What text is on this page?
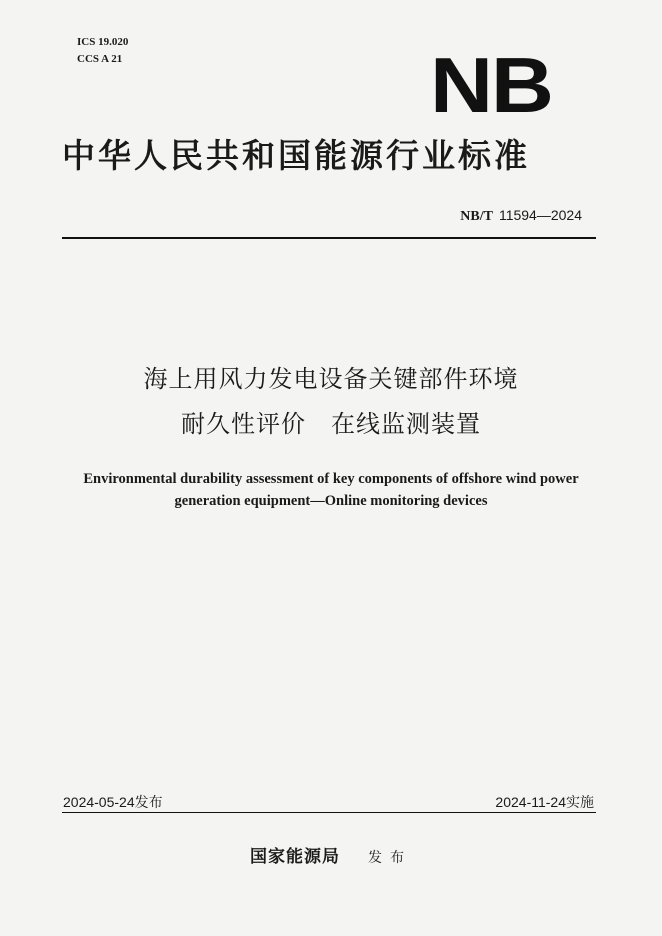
ICS 19.020
CCS A 21	NB
中华人民共和国能源行业标准
NB/T 11594—2024
海上用风力发电设备关键部件环境
耐久性评价　在线监测装置
Environmental durability assessment of key components of offshore wind power
generation equipment—Online monitoring devices
2024-05-24发布	2024-11-24实施
国家能源局 发布
